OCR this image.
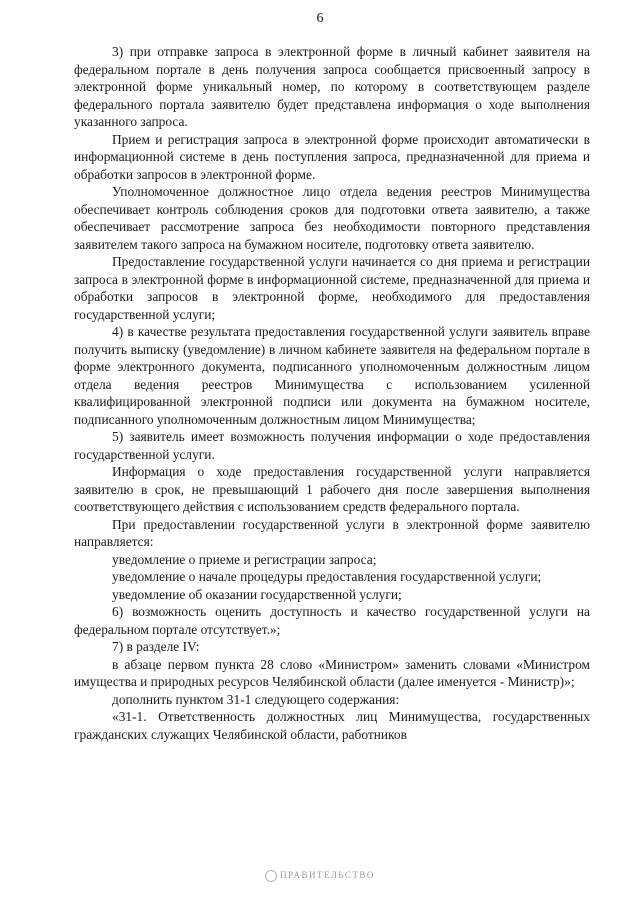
6

3) при отправке запроса в электронной форме в личный кабинет заявителя на федеральном портале в день получения запроса сообщается присвоенный запросу в электронной форме уникальный номер, по которому в соответствующем разделе федерального портала заявителю будет представлена информация о ходе выполнения указанного запроса.

Прием и регистрация запроса в электронной форме происходит автоматически в информационной системе в день поступления запроса, предназначенной для приема и обработки запросов в электронной форме.

Уполномоченное должностное лицо отдела ведения реестров Минимущества обеспечивает контроль соблюдения сроков для подготовки ответа заявителю, а также обеспечивает рассмотрение запроса без необходимости повторного представления заявителем такого запроса на бумажном носителе, подготовку ответа заявителю.

Предоставление государственной услуги начинается со дня приема и регистрации запроса в электронной форме в информационной системе, предназначенной для приема и обработки запросов в электронной форме, необходимого для предоставления государственной услуги;

4) в качестве результата предоставления государственной услуги заявитель вправе получить выписку (уведомление) в личном кабинете заявителя на федеральном портале в форме электронного документа, подписанного уполномоченным должностным лицом отдела ведения реестров Минимущества с использованием усиленной квалифицированной электронной подписи или документа на бумажном носителе, подписанного уполномоченным должностным лицом Минимущества;

5) заявитель имеет возможность получения информации о ходе предоставления государственной услуги.

Информация о ходе предоставления государственной услуги направляется заявителю в срок, не превышающий 1 рабочего дня после завершения выполнения соответствующего действия с использованием средств федерального портала.

При предоставлении государственной услуги в электронной форме заявителю направляется:

уведомление о приеме и регистрации запроса;

уведомление о начале процедуры предоставления государственной услуги;

уведомление об оказании государственной услуги;

6) возможность оценить доступность и качество государственной услуги на федеральном портале отсутствует.»;

7) в разделе IV:

в абзаце первом пункта 28 слово «Министром» заменить словами «Министром имущества и природных ресурсов Челябинской области (далее именуется - Министр)»;

дополнить пунктом 31-1 следующего содержания:

«31-1. Ответственность должностных лиц Минимущества, государственных гражданских служащих Челябинской области, работников

ПРАВИТЕЛЬСТВО
